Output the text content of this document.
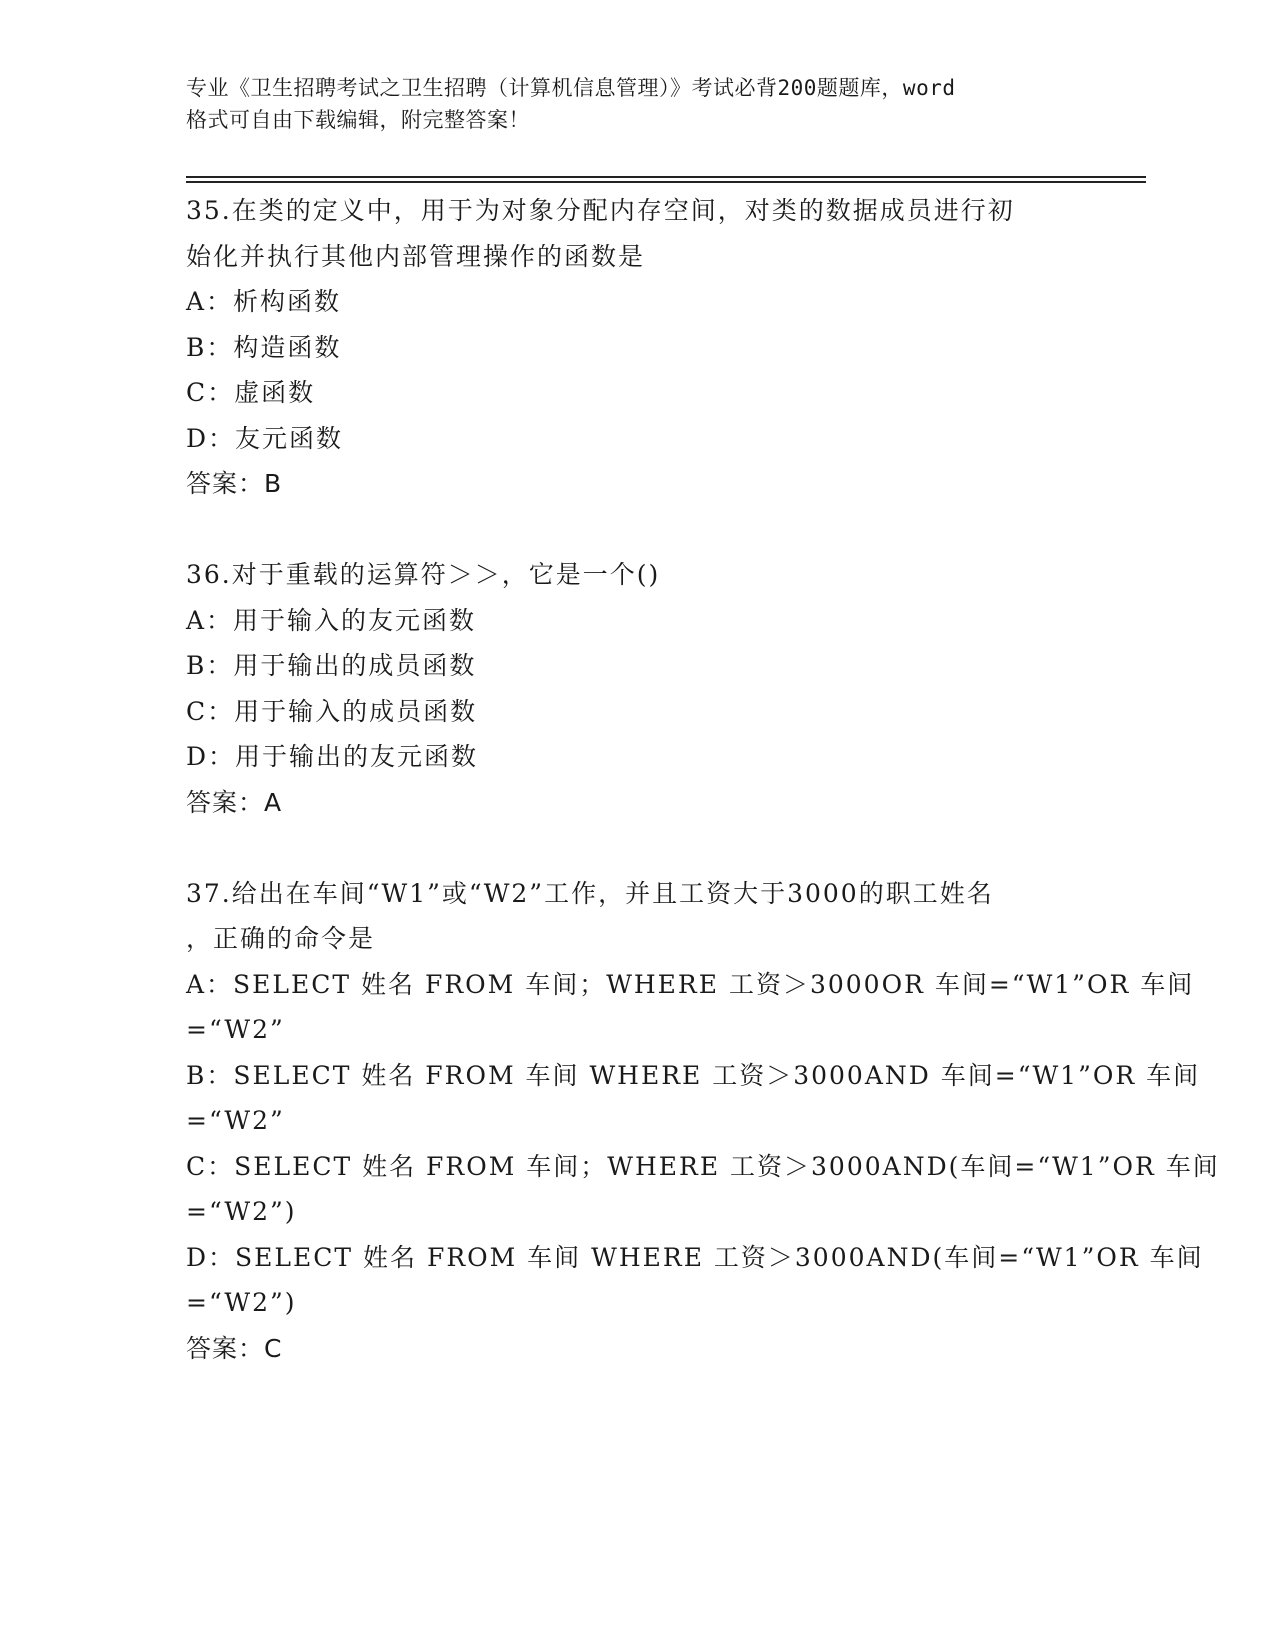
专业《卫生招聘考试之卫生招聘（计算机信息管理）》考试必背200题题库，word
格式可自由下载编辑，附完整答案！
35.在类的定义中，用于为对象分配内存空间，对类的数据成员进行初
始化并执行其他内部管理操作的函数是
A：析构函数
B：构造函数
C：虚函数
D：友元函数
答案：B
36.对于重载的运算符＞＞，它是一个()
A：用于输入的友元函数
B：用于输出的成员函数
C：用于输入的成员函数
D：用于输出的友元函数
答案：A
37.给出在车间“W1”或“W2”工作，并且工资大于3000的职工姓名
，正确的命令是
A：SELECT 姓名 FROM 车间；WHERE 工资＞3000OR 车间=“W1”OR 车间
=“W2”
B：SELECT 姓名 FROM 车间 WHERE 工资＞3000AND 车间=“W1”OR 车间
=“W2”
C：SELECT 姓名 FROM 车间；WHERE 工资＞3000AND(车间=“W1”OR 车间
=“W2”)
D：SELECT 姓名 FROM 车间 WHERE 工资＞3000AND(车间=“W1”OR 车间
=“W2”)
答案：C
